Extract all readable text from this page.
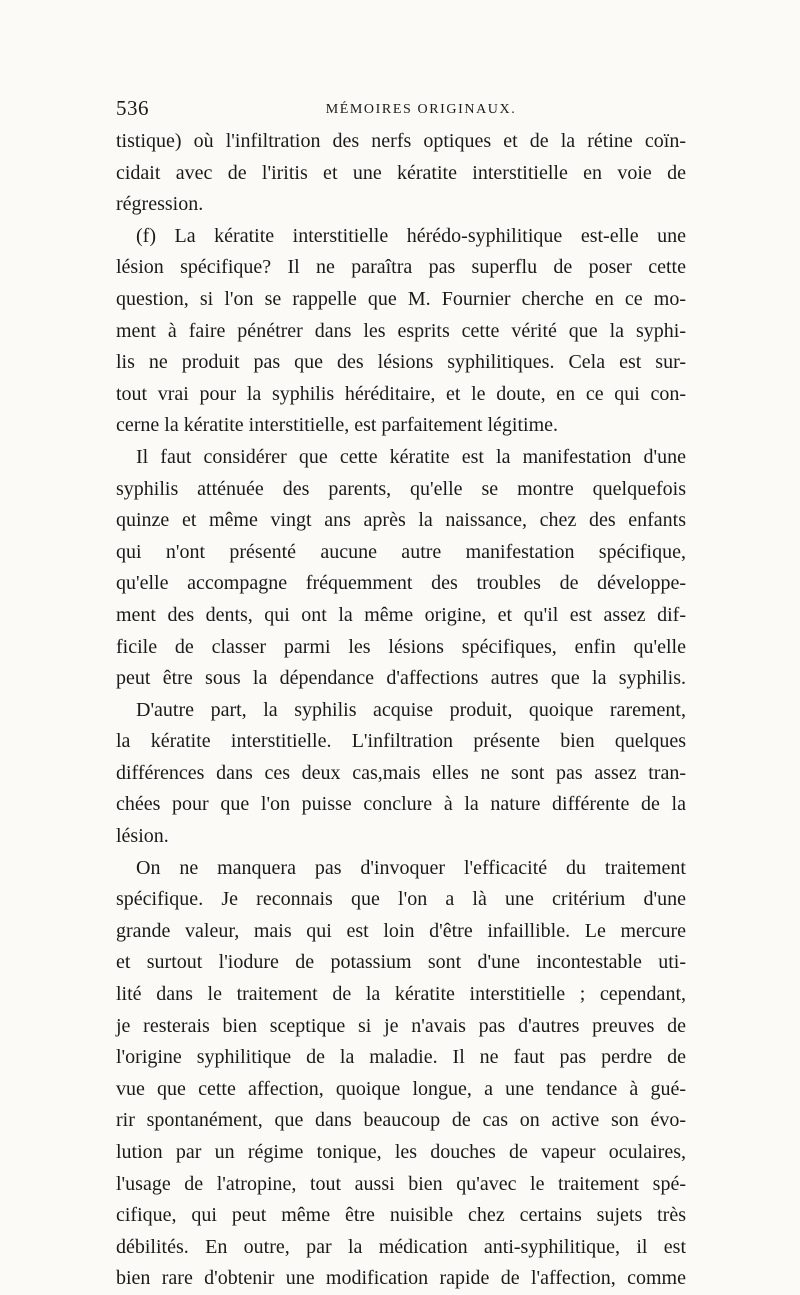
536	MÉMOIRES ORIGINAUX.
tistique) où l'infiltration des nerfs optiques et de la rétine coïn-
cidait avec de l'iritis et une kératite interstitielle en voie de
régression.
(f) La kératite interstitielle hérédo-syphilitique est-elle une
lésion spécifique? Il ne paraîtra pas superflu de poser cette
question, si l'on se rappelle que M. Fournier cherche en ce mo-
ment à faire pénétrer dans les esprits cette vérité que la syphi-
lis ne produit pas que des lésions syphilitiques. Cela est sur-
tout vrai pour la syphilis héréditaire, et le doute, en ce qui con-
cerne la kératite interstitielle, est parfaitement légitime.
Il faut considérer que cette kératite est la manifestation d'une
syphilis atténuée des parents, qu'elle se montre quelquefois
quinze et même vingt ans après la naissance, chez des enfants
qui n'ont présenté aucune autre manifestation spécifique,
qu'elle accompagne fréquemment des troubles de développe-
ment des dents, qui ont la même origine, et qu'il est assez dif-
ficile de classer parmi les lésions spécifiques, enfin qu'elle
peut être sous la dépendance d'affections autres que la syphilis.
D'autre part, la syphilis acquise produit, quoique rarement,
la kératite interstitielle. L'infiltration présente bien quelques
différences dans ces deux cas,mais elles ne sont pas assez tran-
chées pour que l'on puisse conclure à la nature différente de la
lésion.
On ne manquera pas d'invoquer l'efficacité du traitement
spécifique. Je reconnais que l'on a là une critérium d'une
grande valeur, mais qui est loin d'être infaillible. Le mercure
et surtout l'iodure de potassium sont d'une incontestable uti-
lité dans le traitement de la kératite interstitielle ; cependant,
je resterais bien sceptique si je n'avais pas d'autres preuves de
l'origine syphilitique de la maladie. Il ne faut pas perdre de
vue que cette affection, quoique longue, a une tendance à gué-
rir spontanément, que dans beaucoup de cas on active son évo-
lution par un régime tonique, les douches de vapeur oculaires,
l'usage de l'atropine, tout aussi bien qu'avec le traitement spé-
cifique, qui peut même être nuisible chez certains sujets très
débilités. En outre, par la médication anti-syphilitique, il est
bien rare d'obtenir une modification rapide de l'affection, comme
